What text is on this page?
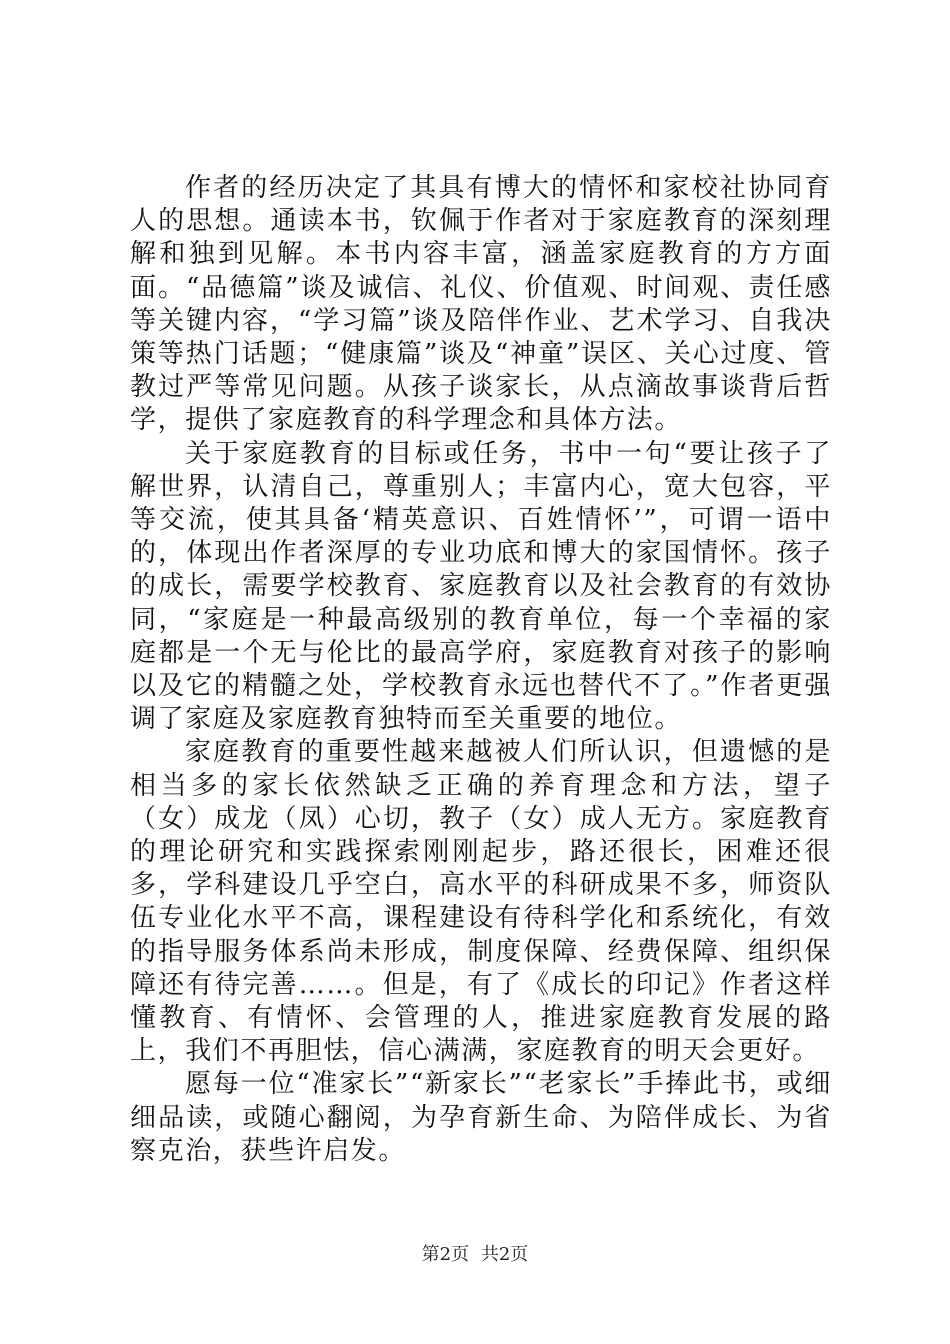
作者的经历决定了其具有博大的情怀和家校社协同育人的思想。通读本书，钦佩于作者对于家庭教育的深刻理解和独到见解。本书内容丰富，涵盖家庭教育的方方面面。“品德篇”谈及诚信、礼仪、价值观、时间观、责任感等关键内容，“学习篇”谈及陪伴作业、艺术学习、自我决策等热门话题；“健康篇”谈及“神童”误区、关心过度、管教过严等常见问题。从孩子谈家长，从点滴故事谈背后哲学，提供了家庭教育的科学理念和具体方法。

关于家庭教育的目标或任务，书中一句“要让孩子了解世界，认清自己，尊重别人；丰富内心，宽大包容，平等交流，使其具备‘精英意识、百姓情怀’”，可谓一语中的，体现出作者深厚的专业功底和博大的家国情怀。孩子的成长，需要学校教育、家庭教育以及社会教育的有效协同，“家庭是一种最高级别的教育单位，每一个幸福的家庭都是一个无与伦比的最高学府，家庭教育对孩子的影响以及它的精髓之处，学校教育永远也替代不了。”作者更强调了家庭及家庭教育独特而至关重要的地位。

家庭教育的重要性越来越被人们所认识，但遗憾的是相当多的家长依然缺乏正确的养育理念和方法，望子（女）成龙（凤）心切，教子（女）成人无方。家庭教育的理论研究和实践探索刚刚起步，路还很长，困难还很多，学科建设几乎空白，高水平的科研成果不多，师资队伍专业化水平不高，课程建设有待科学化和系统化，有效的指导服务体系尚未形成，制度保障、经费保障、组织保障还有待完善……。但是，有了《成长的印记》作者这样懂教育、有情怀、会管理的人，推进家庭教育发展的路上，我们不再胆怯，信心满满，家庭教育的明天会更好。

愿每一位“准家长”“新家长”“老家长”手捧此书，或细细品读，或随心翻阅，为孕育新生命、为陪伴成长、为省察克治，获些许启发。

第2页 共2页
